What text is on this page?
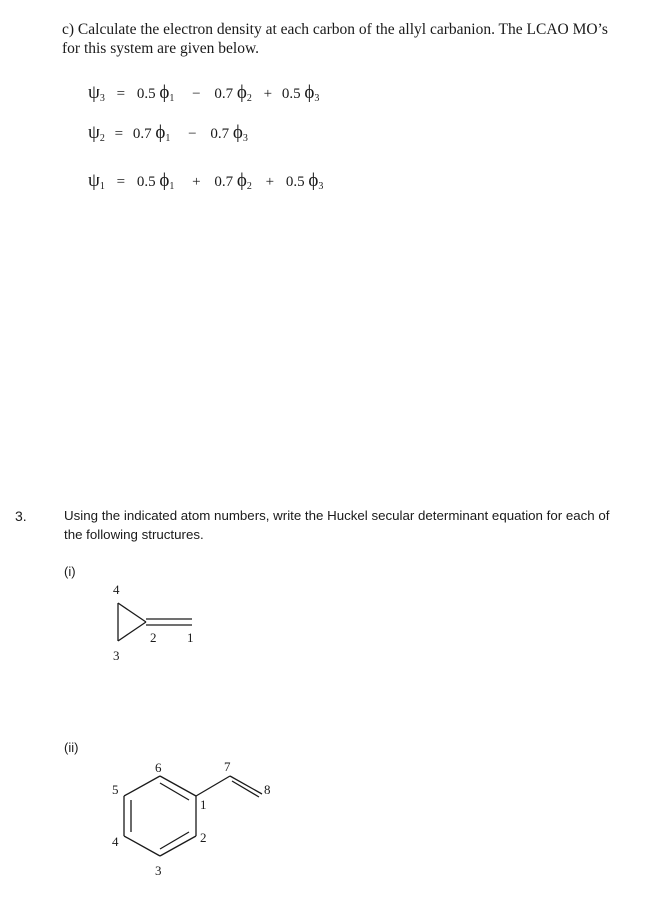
c) Calculate the electron density at each carbon of the allyl carbanion. The LCAO MO’s
for this system are given below.
$\psi_3 = 0.5$ $\phi_1 - 0.7$ $\phi_2 + 0.5$ $\phi_3$
$\psi_2 = 0.7$ $\phi_1 - 0.7$ $\phi_3$
$\psi_1 = 0.5$ $\phi_1 + 0.7$ $\phi_2 + 0.5$ $\phi_3$
3.	Using the indicated atom numbers, write the Huckel secular determinant equation for each of
the following structures.
(i)
4
2 1
3
(ii)
6	7
5	8
1
4	2
3
